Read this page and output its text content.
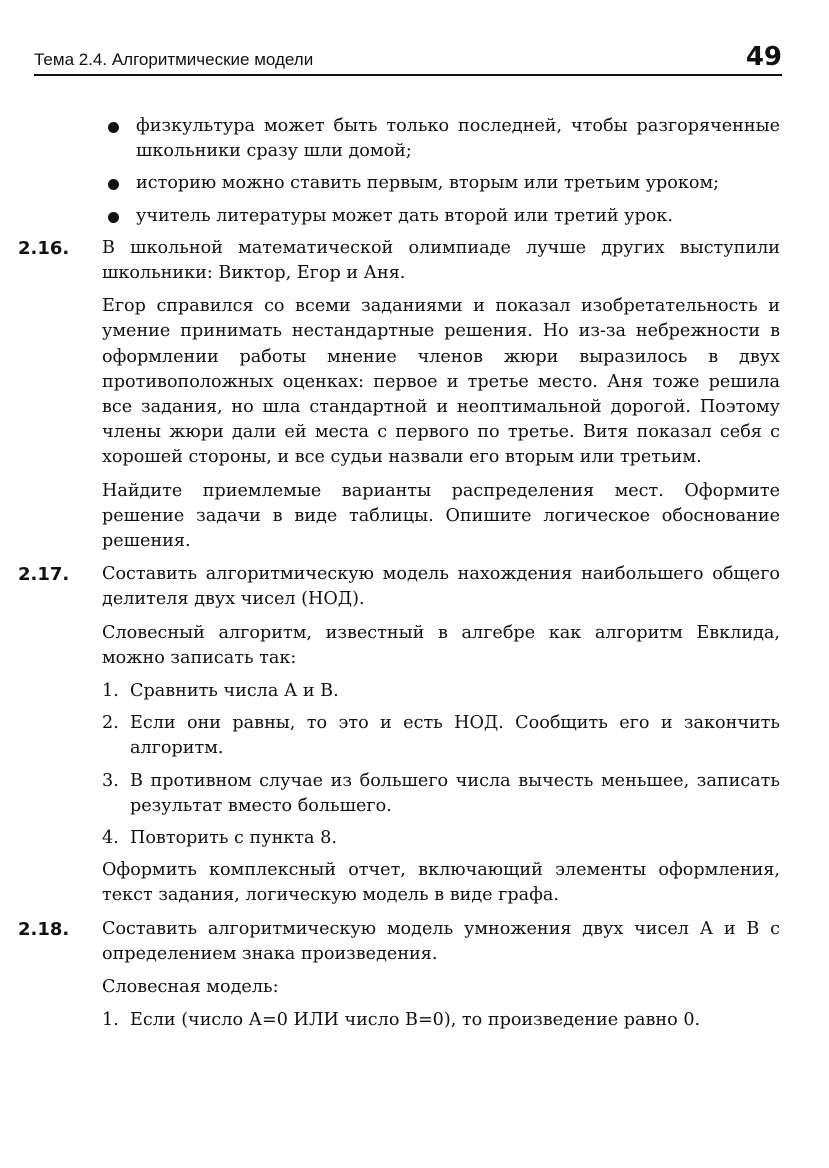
Тема 2.4. Алгоритмические модели	49
физкультура может быть только последней, чтобы разгоряченные школьники сразу шли домой;
историю можно ставить первым, вторым или третьим уроком;
учитель литературы может дать второй или третий урок.
2.16. В школьной математической олимпиаде лучше других выступили школьники: Виктор, Егор и Аня.
Егор справился со всеми заданиями и показал изобретательность и умение принимать нестандартные решения. Но из-за небрежности в оформлении работы мнение членов жюри выразилось в двух противоположных оценках: первое и третье место. Аня тоже решила все задания, но шла стандартной и неоптимальной дорогой. Поэтому члены жюри дали ей места с первого по третье. Витя показал себя с хорошей стороны, и все судьи назвали его вторым или третьим.
Найдите приемлемые варианты распределения мест. Оформите решение задачи в виде таблицы. Опишите логическое обоснование решения.
2.17. Составить алгоритмическую модель нахождения наибольшего общего делителя двух чисел (НОД).
Словесный алгоритм, известный в алгебре как алгоритм Евклида, можно записать так:
1. Сравнить числа А и В.
2. Если они равны, то это и есть НОД. Сообщить его и закончить алгоритм.
3. В противном случае из большего числа вычесть меньшее, записать результат вместо большего.
4. Повторить с пункта 8.
Оформить комплексный отчет, включающий элементы оформления, текст задания, логическую модель в виде графа.
2.18. Составить алгоритмическую модель умножения двух чисел А и В с определением знака произведения.
Словесная модель:
1. Если (число А=0 ИЛИ число В=0), то произведение равно 0.
